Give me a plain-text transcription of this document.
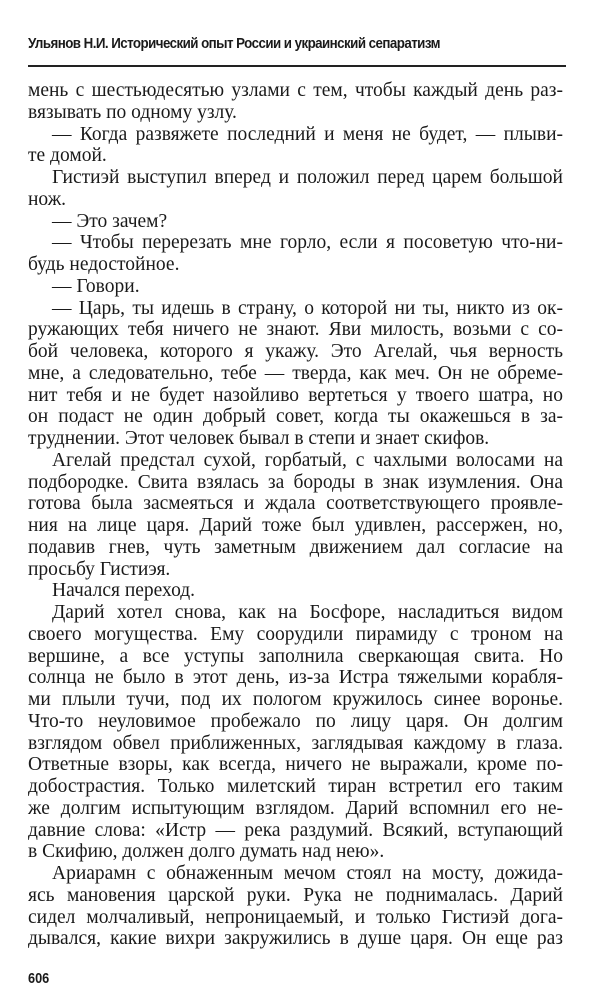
Ульянов Н.И. Исторический опыт России и украинский сепаратизм
мень с шестьюдесятью узлами с тем, чтобы каждый день раз-
вязывать по одному узлу.
— Когда развяжете последний и меня не будет, — плыви-
те домой.
Гистиэй выступил вперед и положил перед царем большой
нож.
— Это зачем?
— Чтобы перерезать мне горло, если я посоветую что-ни-
будь недостойное.
— Говори.
— Царь, ты идешь в страну, о которой ни ты, никто из ок-
ружающих тебя ничего не знают. Яви милость, возьми с со-
бой человека, которого я укажу. Это Агелай, чья верность
мне, а следовательно, тебе — тверда, как меч. Он не обреме-
нит тебя и не будет назойливо вертеться у твоего шатра, но
он подаст не один добрый совет, когда ты окажешься в за-
труднении. Этот человек бывал в степи и знает скифов.
Агелай предстал сухой, горбатый, с чахлыми волосами на
подбородке. Свита взялась за бороды в знак изумления. Она
готова была засмеяться и ждала соответствующего проявле-
ния на лице царя. Дарий тоже был удивлен, рассержен, но,
подавив гнев, чуть заметным движением дал согласие на
просьбу Гистиэя.
Начался переход.
Дарий хотел снова, как на Босфоре, насладиться видом
своего могущества. Ему соорудили пирамиду с троном на
вершине, а все уступы заполнила сверкающая свита. Но
солнца не было в этот день, из-за Истра тяжелыми корабля-
ми плыли тучи, под их пологом кружилось синее воронье.
Что-то неуловимое пробежало по лицу царя. Он долгим
взглядом обвел приближенных, заглядывая каждому в глаза.
Ответные взоры, как всегда, ничего не выражали, кроме по-
добострастия. Только милетский тиран встретил его таким
же долгим испытующим взглядом. Дарий вспомнил его не-
давние слова: «Истр — река раздумий. Всякий, вступающий
в Скифию, должен долго думать над нею».
Ариарамн с обнаженным мечом стоял на мосту, дожида-
ясь мановения царской руки. Рука не поднималась. Дарий
сидел молчаливый, непроницаемый, и только Гистиэй дога-
дывался, какие вихри закружились в душе царя. Он еще раз
606
